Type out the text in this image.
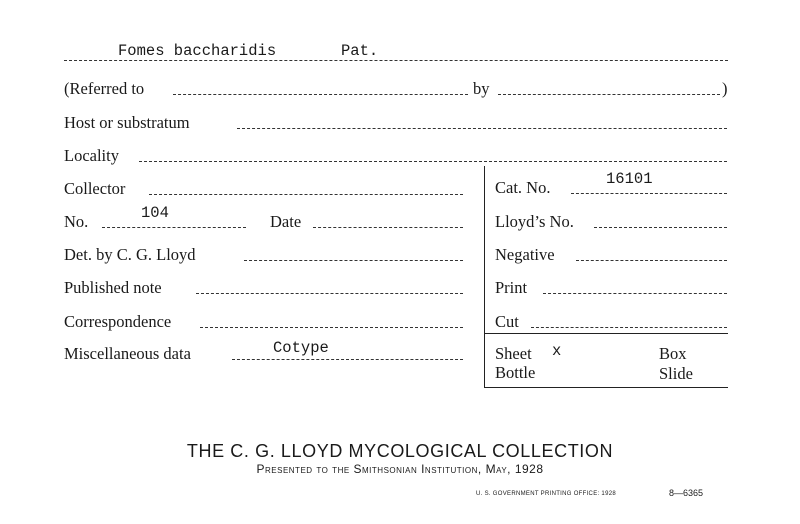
Fomes baccharidis	Pat.
(Referred to	by	)
Host or substratum
Locality
Collector
No.	104	Date
Det. by C. G. Lloyd
Published note
Correspondence
Miscellaneous data	Cotype
Cat. No.	16101
Lloyd’s No.
Negative
Print
Cut
Sheet x	Box
Bottle	Slide
THE C. G. LLOYD MYCOLOGICAL COLLECTION
Presented to the Smithsonian Institution, May, 1928
U. S. GOVERNMENT PRINTING OFFICE: 1928	8—6365
